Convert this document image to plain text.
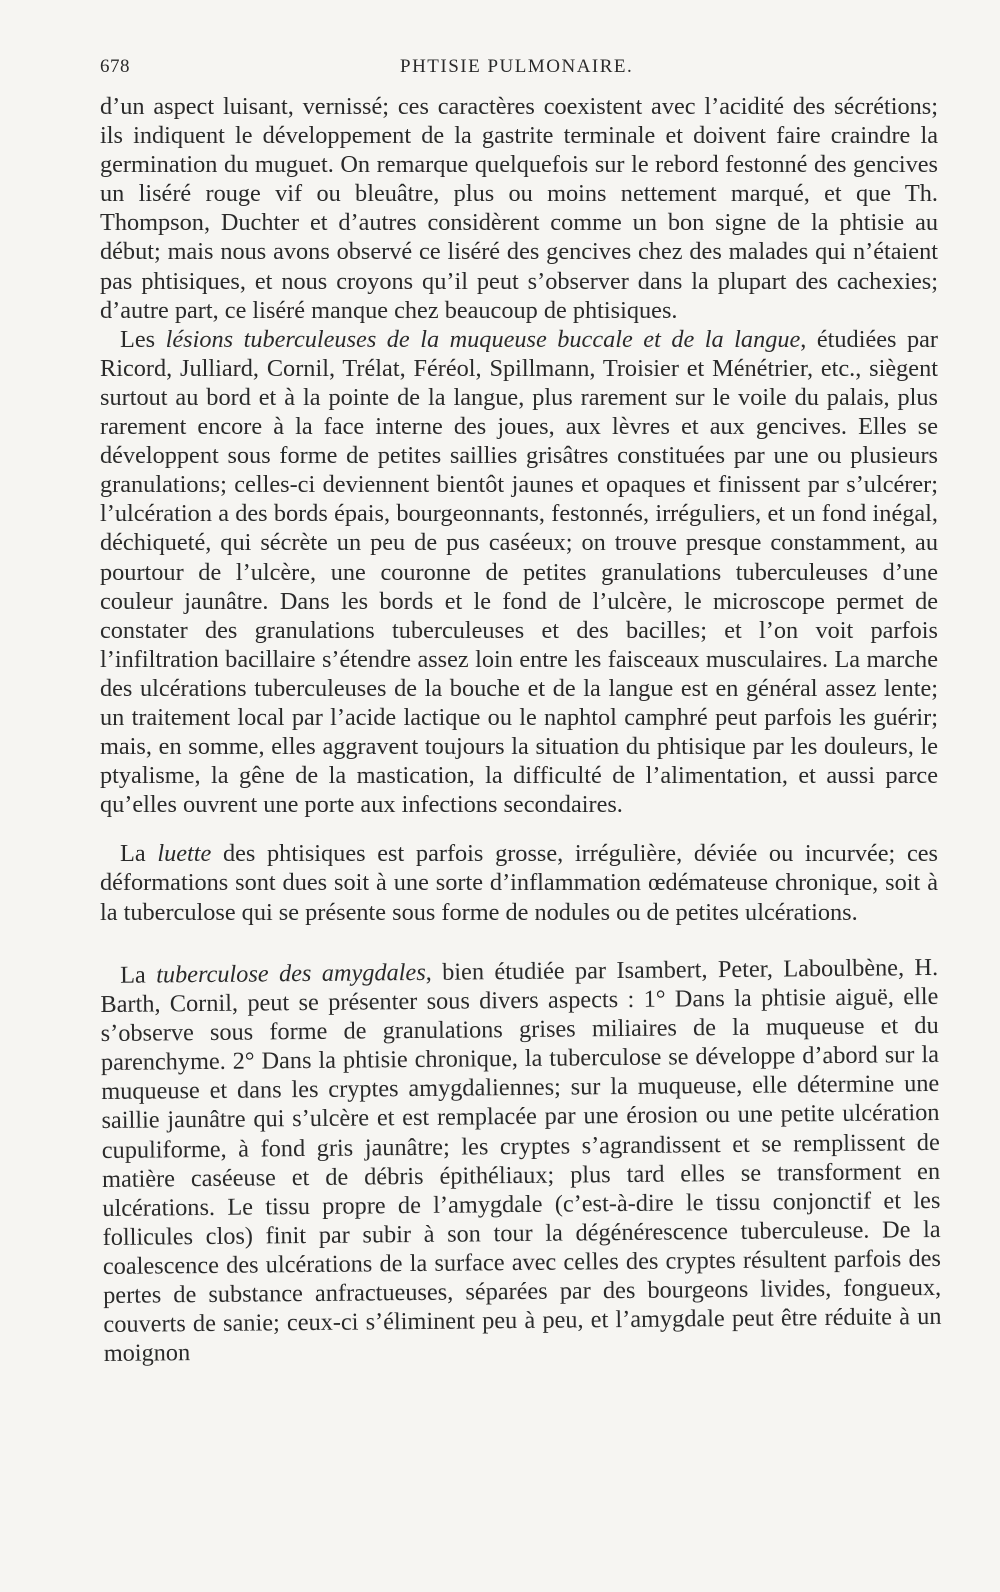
678	PHTISIE PULMONAIRE.

d’un aspect luisant, vernissé; ces caractères coexistent avec l’acidité des sécrétions; ils indiquent le développement de la gastrite terminale et doivent faire craindre la germination du muguet. On remarque quelquefois sur le rebord festonné des gencives un liséré rouge vif ou bleuâtre, plus ou moins nettement marqué, et que Th. Thompson, Duchter et d’autres considèrent comme un bon signe de la phtisie au début; mais nous avons observé ce liséré des gencives chez des malades qui n’étaient pas phtisiques, et nous croyons qu’il peut s’observer dans la plupart des cachexies; d’autre part, ce liséré manque chez beaucoup de phtisiques.

Les lésions tuberculeuses de la muqueuse buccale et de la langue, étudiées par Ricord, Julliard, Cornil, Trélat, Féréol, Spillmann, Troisier et Ménétrier, etc., siègent surtout au bord et à la pointe de la langue, plus rarement sur le voile du palais, plus rarement encore à la face interne des joues, aux lèvres et aux gencives. Elles se développent sous forme de petites saillies grisâtres constituées par une ou plusieurs granulations; celles-ci deviennent bientôt jaunes et opaques et finissent par s’ulcérer; l’ulcération a des bords épais, bourgeonnants, festonnés, irréguliers, et un fond inégal, déchiqueté, qui sécrète un peu de pus caséeux; on trouve presque constamment, au pourtour de l’ulcère, une couronne de petites granulations tuberculeuses d’une couleur jaunâtre. Dans les bords et le fond de l’ulcère, le microscope permet de constater des granulations tuberculeuses et des bacilles; et l’on voit parfois l’infiltration bacillaire s’étendre assez loin entre les faisceaux musculaires. La marche des ulcérations tuberculeuses de la bouche et de la langue est en général assez lente; un traitement local par l’acide lactique ou le naphtol camphré peut parfois les guérir; mais, en somme, elles aggravent toujours la situation du phtisique par les douleurs, le ptyalisme, la gêne de la mastication, la difficulté de l’alimentation, et aussi parce qu’elles ouvrent une porte aux infections secondaires.

La luette des phtisiques est parfois grosse, irrégulière, déviée ou incurvée; ces déformations sont dues soit à une sorte d’inflammation œdémateuse chronique, soit à la tuberculose qui se présente sous forme de nodules ou de petites ulcérations.

La tuberculose des amygdales, bien étudiée par Isambert, Peter, Laboulbène, H. Barth, Cornil, peut se présenter sous divers aspects : 1° Dans la phtisie aiguë, elle s’observe sous forme de granulations grises miliaires de la muqueuse et du parenchyme. 2° Dans la phtisie chronique, la tuberculose se développe d’abord sur la muqueuse et dans les cryptes amygdaliennes; sur la muqueuse, elle détermine une saillie jaunâtre qui s’ulcère et est remplacée par une érosion ou une petite ulcération cupuliforme, à fond gris jaunâtre; les cryptes s’agrandissent et se remplissent de matière caséeuse et de débris épithéliaux; plus tard elles se transforment en ulcérations. Le tissu propre de l’amygdale (c’est-à-dire le tissu conjonctif et les follicules clos) finit par subir à son tour la dégénérescence tuberculeuse. De la coalescence des ulcérations de la surface avec celles des cryptes résultent parfois des pertes de substance anfractueuses, séparées par des bourgeons livides, fongueux, couverts de sanie; ceux-ci s’éliminent peu à peu, et l’amygdale peut être réduite à un moignon
